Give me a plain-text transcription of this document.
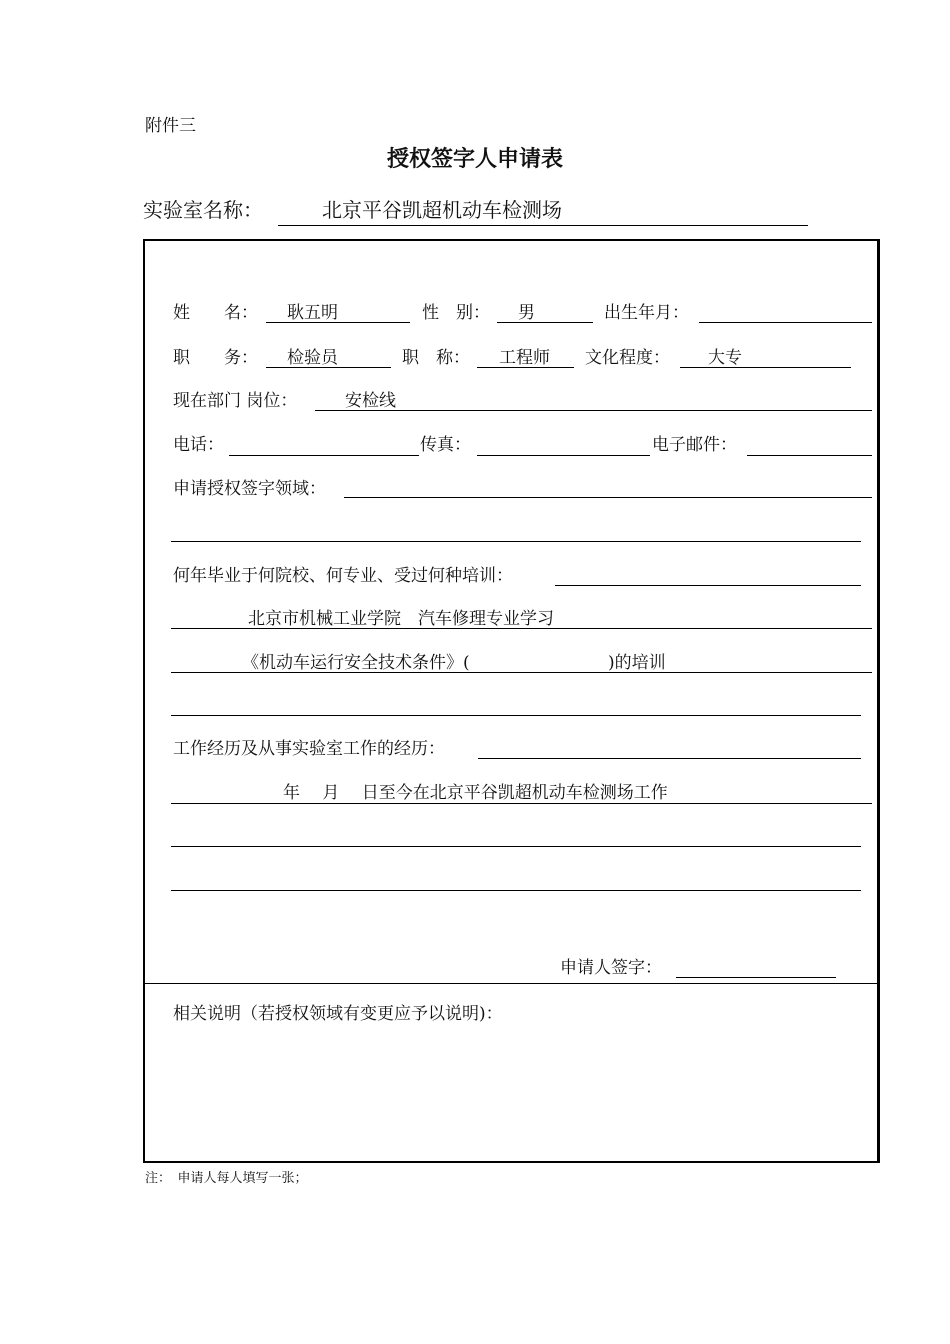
附件三
授权签字人申请表
实验室名称：	北京平谷凯超机动车检测场
姓　　名： 耿五明	性　别： 男	出生年月：
职　　务： 检验员	职　称： 工程师 文化程度： 大专
现在部门 岗位：	安检线
电话：	传真：	电子邮件：
申请授权签字领域：
何年毕业于何院校、何专业、受过何种培训：
北京市机械工业学院　汽车修理专业学习
《机动车运行安全技术条件》(	)的培训
工作经历及从事实验室工作的经历：
年　 月　 日至今在北京平谷凯超机动车检测场工作
申请人签字：
相关说明（若授权领域有变更应予以说明)：
注：　申请人每人填写一张；
